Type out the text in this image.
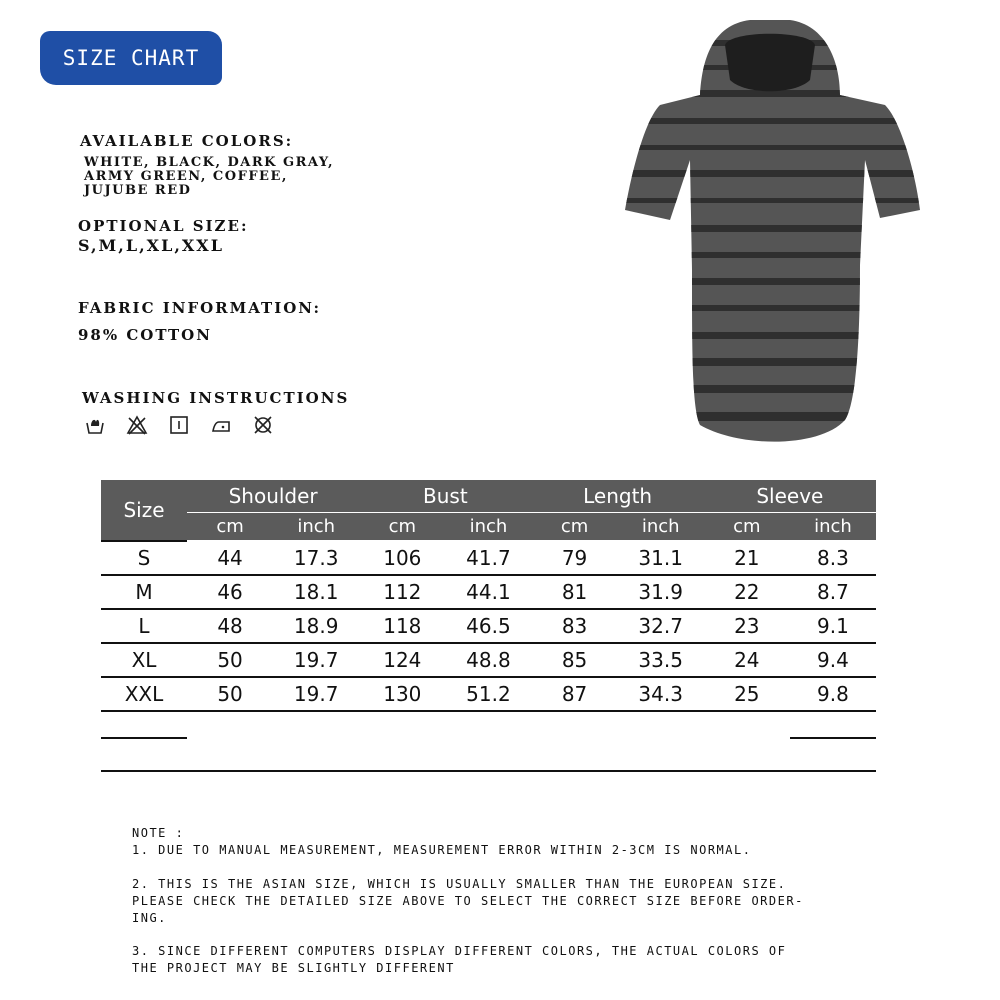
SIZE CHART
AVAILABLE COLORS:
WHITE, BLACK, DARK GRAY,
ARMY GREEN, COFFEE,
JUJUBE RED
OPTIONAL SIZE:
S,M,L,XL,XXL
FABRIC INFORMATION:
98% COTTON
WASHING INSTRUCTIONS
Size
Shoulder	Bust	Length	Sleeve
cm	inch	cm	inch	cm	inch	cm	inch
S	44	17.3	106	41.7	79	31.1	21	8.3
M	46	18.1	112	44.1	81	31.9	22	8.7
L	48	18.9	118	46.5	83	32.7	23	9.1
XL	50	19.7	124	48.8	85	33.5	24	9.4
XXL	50	19.7	130	51.2	87	34.3	25	9.8
NOTE :
1. DUE TO MANUAL MEASUREMENT, MEASUREMENT ERROR WITHIN 2-3CM IS NORMAL.
2. THIS IS THE ASIAN SIZE, WHICH IS USUALLY SMALLER THAN THE EUROPEAN SIZE.
PLEASE CHECK THE DETAILED SIZE ABOVE TO SELECT THE CORRECT SIZE BEFORE ORDER-
ING.
3. SINCE DIFFERENT COMPUTERS DISPLAY DIFFERENT COLORS, THE ACTUAL COLORS OF
THE PROJECT MAY BE SLIGHTLY DIFFERENT
